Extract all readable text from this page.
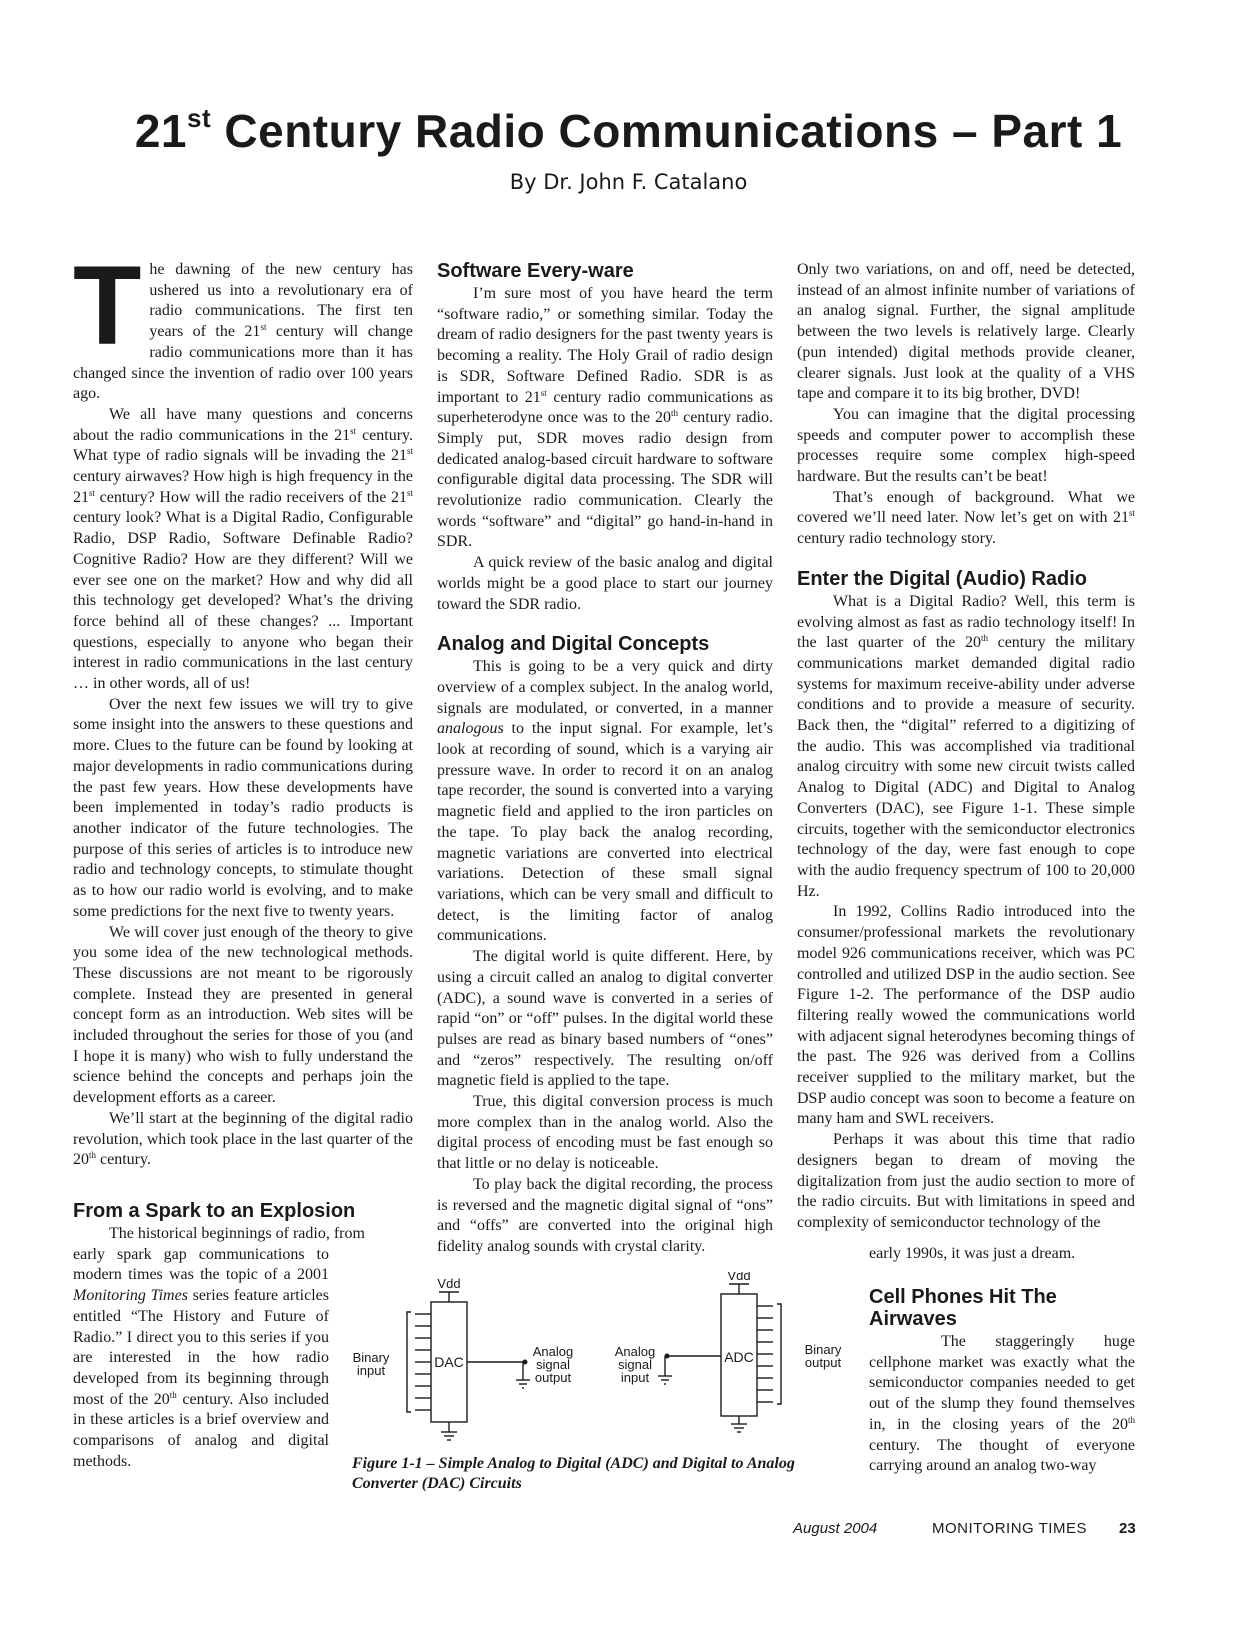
21st Century Radio Communications – Part 1
By Dr. John F. Catalano

The dawning of the new century has ushered us into a revolutionary era of radio communications. The first ten years of the 21st century will change radio communications more than it has changed since the invention of radio over 100 years ago.

We all have many questions and concerns about the radio communications in the 21st century. What type of radio signals will be invading the 21st century airwaves? How high is high frequency in the 21st century? How will the radio receivers of the 21st century look? What is a Digital Radio, Configurable Radio, DSP Radio, Software Definable Radio? Cognitive Radio? How are they different? Will we ever see one on the market? How and why did all this technology get developed? What’s the driving force behind all of these changes? ... Important questions, especially to anyone who began their interest in radio communications in the last century … in other words, all of us!

Over the next few issues we will try to give some insight into the answers to these questions and more. Clues to the future can be found by looking at major developments in radio communications during the past few years. How these developments have been implemented in today’s radio products is another indicator of the future technologies. The purpose of this series of articles is to introduce new radio and technology concepts, to stimulate thought as to how our radio world is evolving, and to make some predictions for the next five to twenty years.

We will cover just enough of the theory to give you some idea of the new technological methods. These discussions are not meant to be rigorously complete. Instead they are presented in general concept form as an introduction. Web sites will be included throughout the series for those of you (and I hope it is many) who wish to fully understand the science behind the concepts and perhaps join the development efforts as a career.

We’ll start at the beginning of the digital radio revolution, which took place in the last quarter of the 20th century.

From a Spark to an Explosion

The historical beginnings of radio, from

early spark gap communications to modern times was the topic of a 2001 Monitoring Times series feature articles entitled “The History and Future of Radio.” I direct you to this series if you are interested in the how radio developed from its beginning through most of the 20th century. Also included in these articles is a brief overview and comparisons of analog and digital methods.

Software Every-ware

I’m sure most of you have heard the term “software radio,” or something similar. Today the dream of radio designers for the past twenty years is becoming a reality. The Holy Grail of radio design is SDR, Software Defined Radio. SDR is as important to 21st century radio communications as superheterodyne once was to the 20th century radio. Simply put, SDR moves radio design from dedicated analog-based circuit hardware to software configurable digital data processing. The SDR will revolutionize radio communication. Clearly the words “software” and “digital” go hand-in-hand in SDR.

A quick review of the basic analog and digital worlds might be a good place to start our journey toward the SDR radio.

Analog and Digital Concepts

This is going to be a very quick and dirty overview of a complex subject. In the analog world, signals are modulated, or converted, in a manner analogous to the input signal. For example, let’s look at recording of sound, which is a varying air pressure wave. In order to record it on an analog tape recorder, the sound is converted into a varying magnetic field and applied to the iron particles on the tape. To play back the analog recording, magnetic variations are converted into electrical variations. Detection of these small signal variations, which can be very small and difficult to detect, is the limiting factor of analog communications.

The digital world is quite different. Here, by using a circuit called an analog to digital converter (ADC), a sound wave is converted in a series of rapid “on” or “off” pulses. In the digital world these pulses are read as binary based numbers of “ones” and “zeros” respectively. The resulting on/off magnetic field is applied to the tape.

True, this digital conversion process is much more complex than in the analog world. Also the digital process of encoding must be fast enough so that little or no delay is noticeable.

To play back the digital recording, the process is reversed and the magnetic digital signal of “ons” and “offs” are converted into the original high fidelity analog sounds with crystal clarity.

Only two variations, on and off, need be detected, instead of an almost infinite number of variations of an analog signal. Further, the signal amplitude between the two levels is relatively large. Clearly (pun intended) digital methods provide cleaner, clearer signals. Just look at the quality of a VHS tape and compare it to its big brother, DVD!

You can imagine that the digital processing speeds and computer power to accomplish these processes require some complex high-speed hardware. But the results can’t be beat!

That’s enough of background. What we covered we’ll need later. Now let’s get on with 21st century radio technology story.

Enter the Digital (Audio) Radio

What is a Digital Radio? Well, this term is evolving almost as fast as radio technology itself! In the last quarter of the 20th century the military communications market demanded digital radio systems for maximum receive-ability under adverse conditions and to provide a measure of security. Back then, the “digital” referred to a digitizing of the audio. This was accomplished via traditional analog circuitry with some new circuit twists called Analog to Digital (ADC) and Digital to Analog Converters (DAC), see Figure 1-1. These simple circuits, together with the semiconductor electronics technology of the day, were fast enough to cope with the audio frequency spectrum of 100 to 20,000 Hz.

In 1992, Collins Radio introduced into the consumer/professional markets the revolutionary model 926 communications receiver, which was PC controlled and utilized DSP in the audio section. See Figure 1-2. The performance of the DSP audio filtering really wowed the communications world with adjacent signal heterodynes becoming things of the past. The 926 was derived from a Collins receiver supplied to the military market, but the DSP audio concept was soon to become a feature on many ham and SWL receivers.

Perhaps it was about this time that radio designers began to dream of moving the digitalization from just the audio section to more of the radio circuits. But with limitations in speed and complexity of semiconductor technology of the

early 1990s, it was just a dream.

Cell Phones Hit The Airwaves

The staggeringly huge cellphone market was exactly what the semiconductor companies needed to get out of the slump they found themselves in, in the closing years of the 20th century. The thought of everyone carrying around an analog two-way

Vdd
Vdd
DAC	ADC
Binary
input
Analog
signal
output
Analog
signal
input
Binary
output
Figure 1-1 – Simple Analog to Digital (ADC) and Digital to Analog Converter (DAC) Circuits
August 2004	MONITORING TIMES 23
